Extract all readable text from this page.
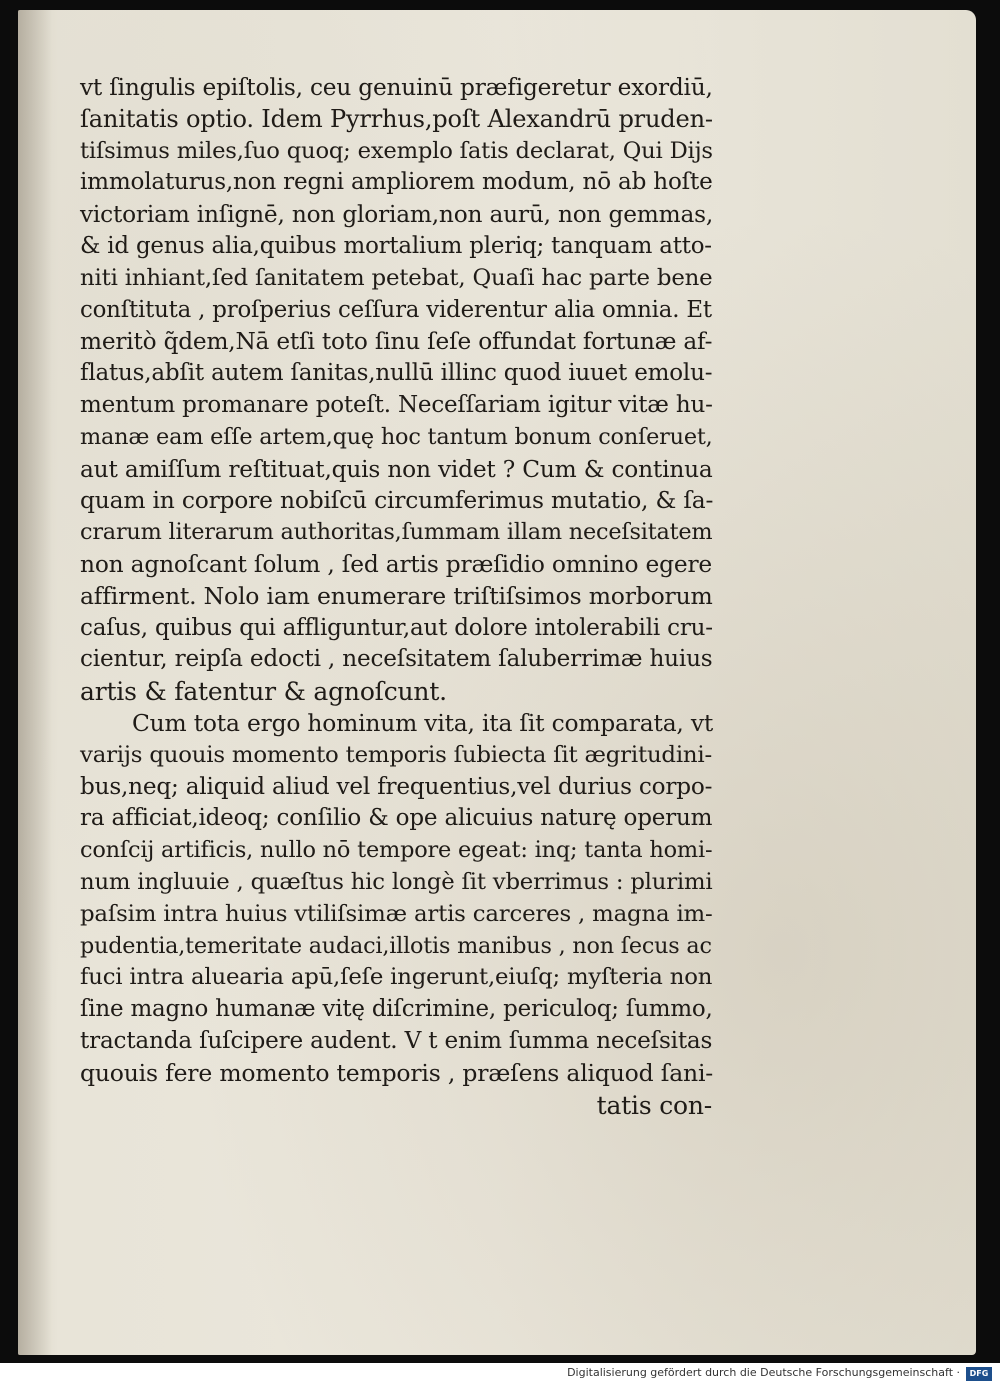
vt ſingulis epiſtolis, ceu genuinū præfigeretur exordiū,
ſanitatis optio. Idem Pyrrhus,poſt Alexandrū pruden-
tiſsimus miles,ſuo quoq; exemplo ſatis declarat, Qui Dijs
immolaturus,non regni ampliorem modum, nō ab hoſte
victoriam inſignē, non gloriam,non aurū, non gemmas,
& id genus alia,quibus mortalium pleriq; tanquam atto-
niti inhiant,ſed ſanitatem petebat, Quaſi hac parte bene
conſtituta , proſperius ceſſura viderentur alia omnia. Et
meritò q̃dem,Nā etſi toto ſinu ſeſe offundat fortunæ af-
flatus,abſit autem ſanitas,nullū illinc quod iuuet emolu-
mentum promanare poteſt. Neceſſariam igitur vitæ hu-
manæ eam eſſe artem,quę hoc tantum bonum conſeruet,
aut amiſſum reſtituat,quis non videt ? Cum & continua
quam in corpore nobiſcū circumferimus mutatio, & ſa-
crarum literarum authoritas,ſummam illam neceſsitatem
non agnoſcant ſolum , ſed artis præſidio omnino egere
affirment. Nolo iam enumerare triſtiſsimos morborum
caſus, quibus qui affliguntur,aut dolore intolerabili cru-
cientur, reipſa edocti , neceſsitatem ſaluberrimæ huius
artis & fatentur & agnoſcunt.
Cum tota ergo hominum vita, ita ſit comparata, vt
varijs quouis momento temporis ſubiecta ſit ægritudini-
bus,neq; aliquid aliud vel frequentius,vel durius corpo-
ra afficiat,ideoq; conſilio & ope alicuius naturę operum
conſcij artificis, nullo nō tempore egeat: inq; tanta homi-
num ingluuie , quæſtus hic longè ſit vberrimus : plurimi
paſsim intra huius vtiliſsimæ artis carceres , magna im-
pudentia,temeritate audaci,illotis manibus , non ſecus ac
fuci intra aluearia apū,ſeſe ingerunt,eiuſq; myſteria non
ſine magno humanæ vitę diſcrimine, periculoq; ſummo,
tractanda ſuſcipere audent. V t enim ſumma neceſsitas
quouis fere momento temporis , præſens aliquod ſani-
tatis con-
Digitalisierung gefördert durch die Deutsche Forschungsgemeinschaft ·	DFG
